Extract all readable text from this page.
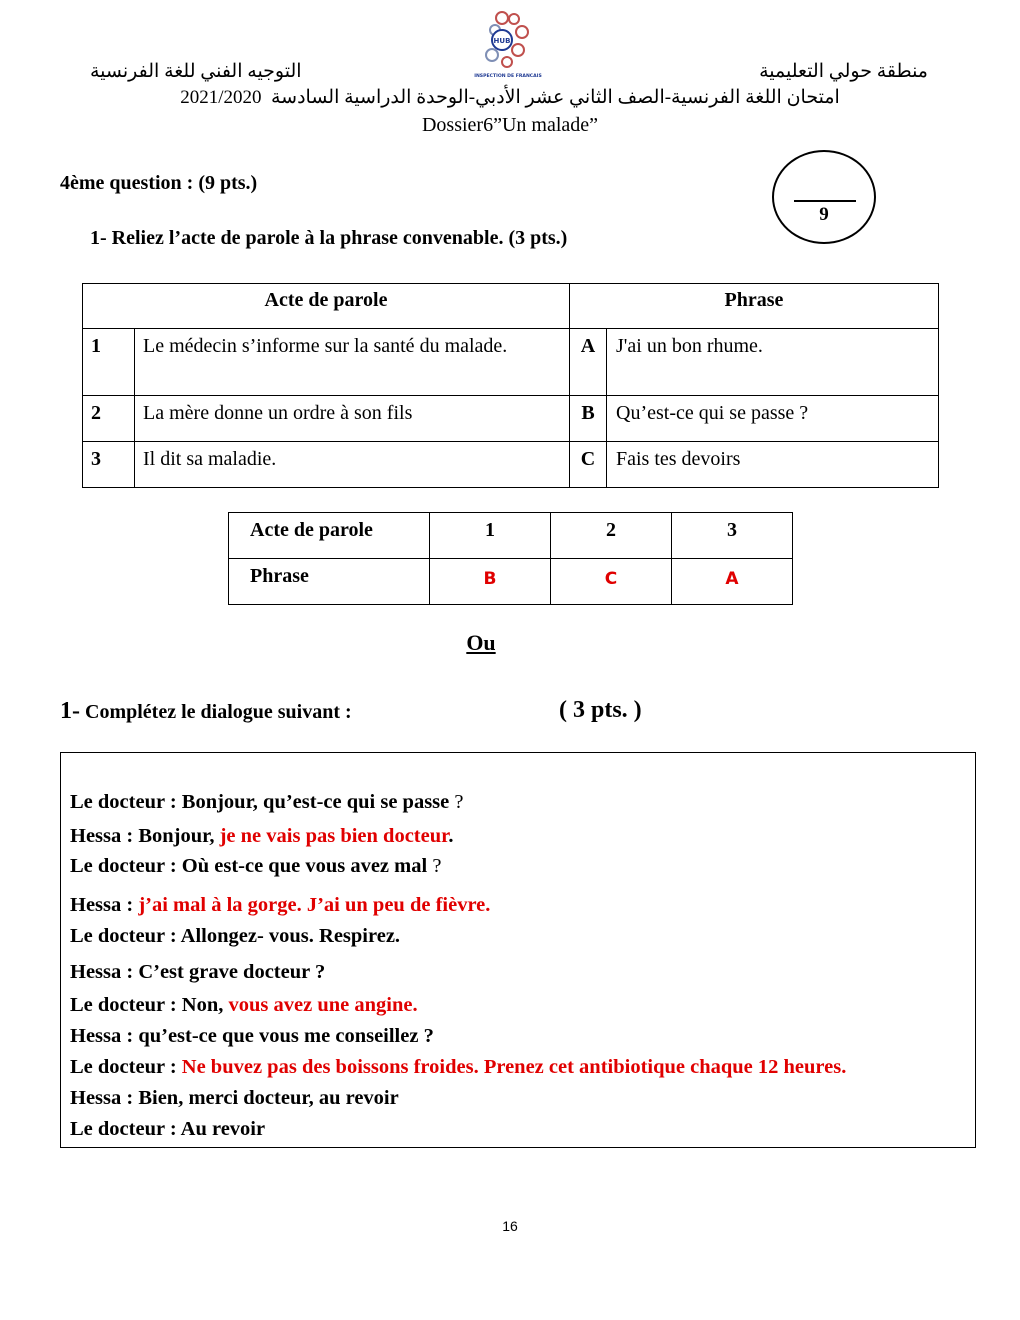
HUB
INSPECTION DE FRANCAIS	منطقة حولي التعليمية
التوجيه الفني للغة الفرنسية
2021/2020 امتحان اللغة الفرنسية-الصف الثاني عشر الأدبي-الوحدة الدراسية السادسة
Dossier6”Un malade”
9
4ème question : (9 pts.)
1- Reliez l’acte de parole à la phrase convenable. (3 pts.)
Acte de parole		Phrase	
1	Le médecin s’informe sur la santé du malade.	A	J'ai un bon rhume.
2	La mère donne un ordre à son fils	B	Qu’est-ce qui se passe ?
3	Il dit sa maladie.	C	Fais tes devoirs
Acte de parole	1	2	3
Phrase	B	C	A
Ou
1- Complétez le dialogue suivant :	( 3 pts. )
Le docteur : Bonjour, qu’est-ce qui se passe ?
Hessa : Bonjour, je ne vais pas bien docteur.
Le docteur : Où est-ce que vous avez mal ?
Hessa : j’ai mal à la gorge. J’ai un peu de fièvre.
Le docteur : Allongez- vous. Respirez.
Hessa : C’est grave docteur ?
Le docteur : Non, vous avez une angine.
Hessa : qu’est-ce que vous me conseillez ?
Le docteur : Ne buvez pas des boissons froides. Prenez cet antibiotique chaque 12 heures.
Hessa : Bien, merci docteur, au revoir
Le docteur : Au revoir
16
